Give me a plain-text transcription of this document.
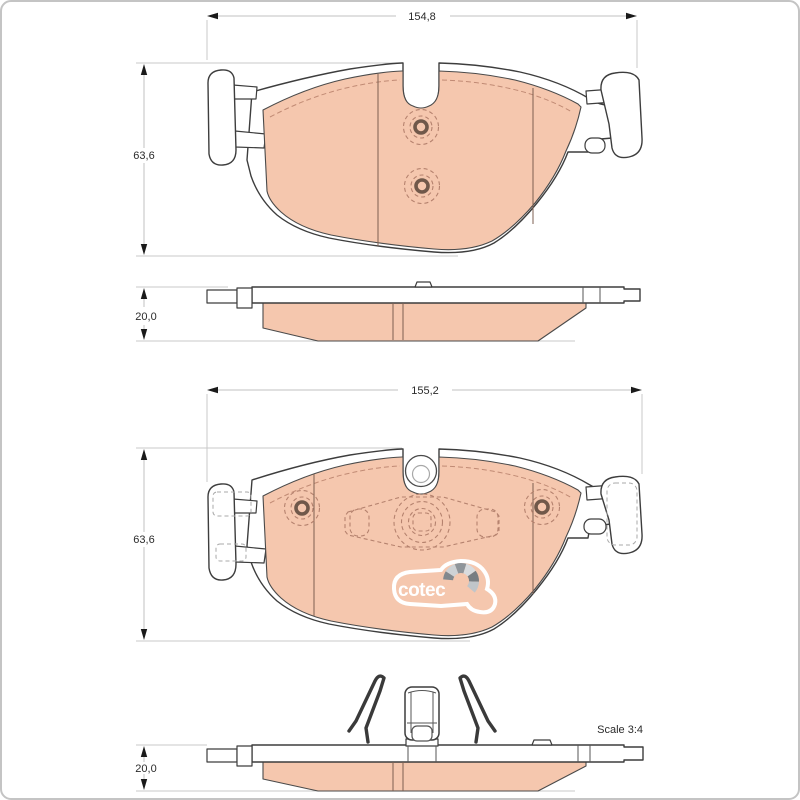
154,8
63,6
20,0
155,2
63,6
cotec
20,0
Scale 3:4
